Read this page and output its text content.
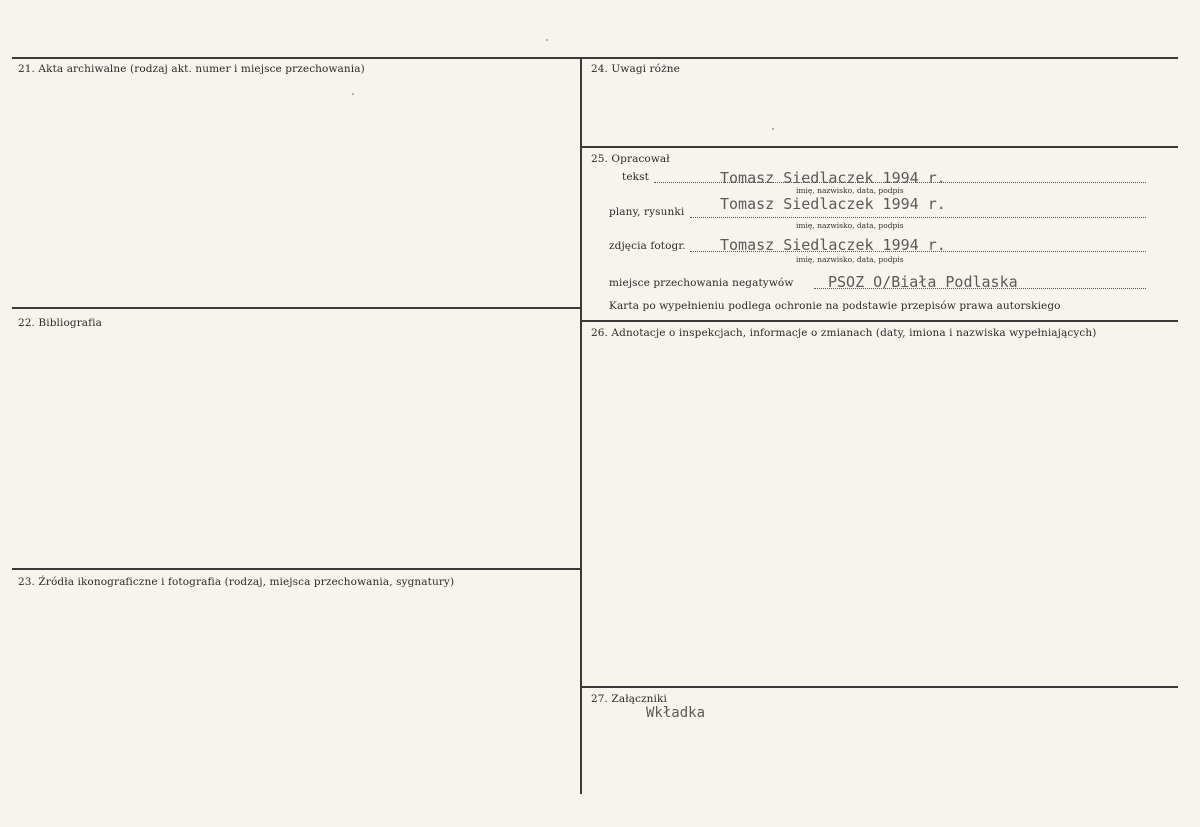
21. Akta archiwalne (rodzaj akt. numer i miejsce przechowania)
22. Bibliografia
23. Źródła ikonograficzne i fotografia (rodzaj, miejsca przechowania, sygnatury)
24. Uwagi różne
25. Opracował
tekst	Tomasz Siedlaczek 1994 r.
imię, nazwisko, data, podpis
plany, rysunki Tomasz Siedlaczek 1994 r.
imię, nazwisko, data, podpis
zdjęcia fotogr. Tomasz Siedlaczek 1994 r.
imię, nazwisko, data, podpis
miejsce przechowania negatywów PSOZ O/Biała Podlaska
Karta po wypełnieniu podlega ochronie na podstawie przepisów prawa autorskiego
26. Adnotacje o inspekcjach, informacje o zmianach (daty, imiona i nazwiska wypełniających)
27. Załączniki
Wkładka
